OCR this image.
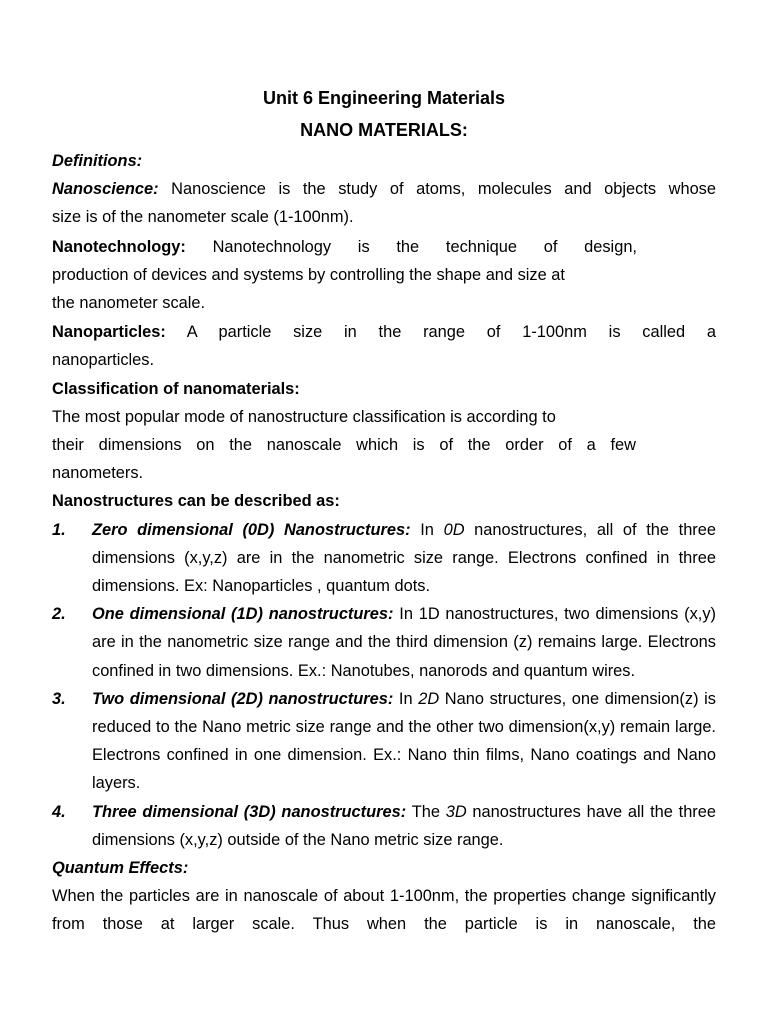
Unit 6 Engineering Materials
NANO MATERIALS:

Definitions:

Nanoscience: Nanoscience is the study of atoms, molecules and objects whose
size is of the nanometer scale (1-100nm).

Nanotechnology: Nanotechnology is the technique of design,
production of devices and systems by controlling the shape and size at
the nanometer scale.

Nanoparticles: A particle size in the range of 1-100nm is called a
nanoparticles.

Classification of nanomaterials:

The most popular mode of nanostructure classification is according to
their dimensions on the nanoscale which is of the order of a few
nanometers.

Nanostructures can be described as:

1. Zero dimensional (0D) Nanostructures: In 0D nanostructures, all of the three dimensions (x,y,z) are in the nanometric size range. Electrons confined in three dimensions. Ex: Nanoparticles , quantum dots.
2. One dimensional (1D) nanostructures: In 1D nanostructures, two dimensions (x,y) are in the nanometric size range and the third dimension (z) remains large. Electrons confined in two dimensions. Ex.: Nanotubes, nanorods and quantum wires.
3. Two dimensional (2D) nanostructures: In 2D Nano structures, one dimension(z) is reduced to the Nano metric size range and the other two dimension(x,y) remain large. Electrons confined in one dimension. Ex.: Nano thin films, Nano coatings and Nano layers.
4. Three dimensional (3D) nanostructures: The 3D nanostructures have all the three dimensions (x,y,z) outside of the Nano metric size range.

Quantum Effects:

When the particles are in nanoscale of about 1-100nm, the properties change significantly from those at larger scale. Thus when the particle is in nanoscale, the
